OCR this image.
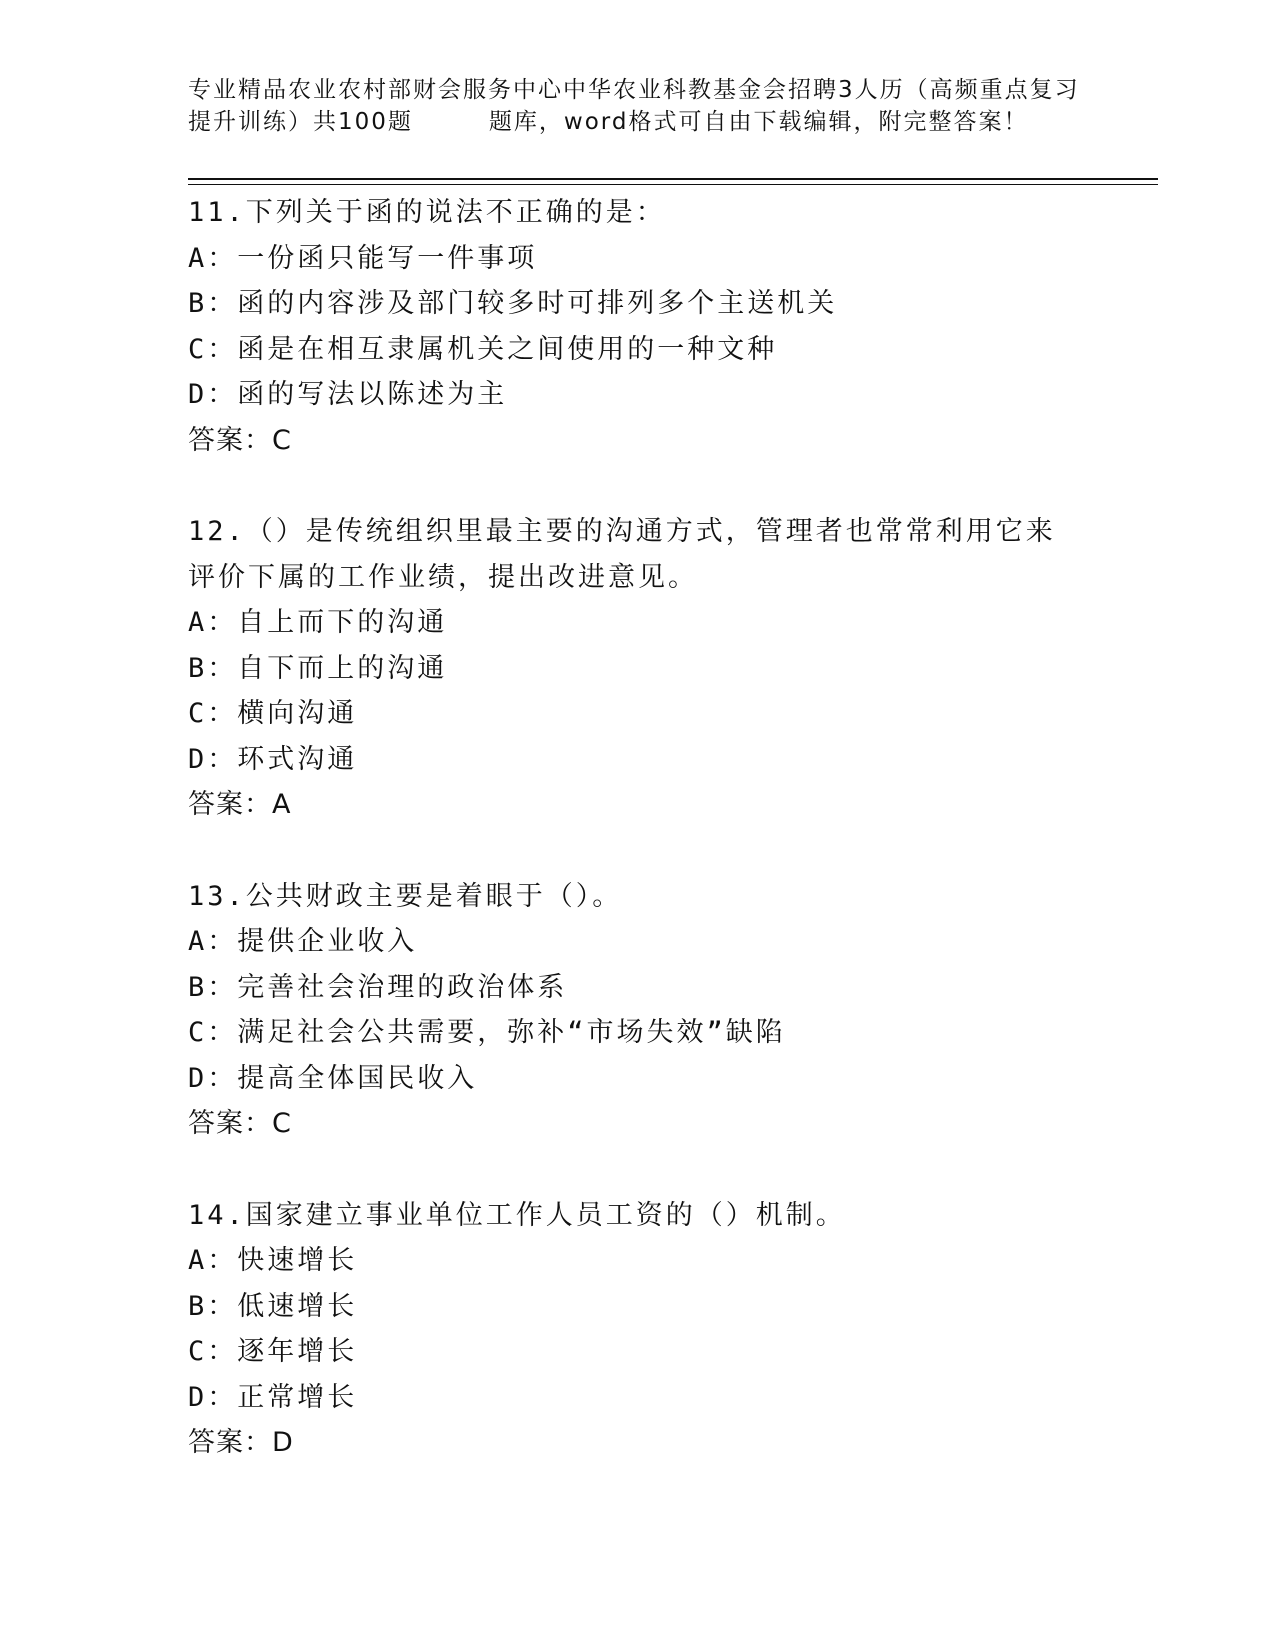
专业精品农业农村部财会服务中心中华农业科教基金会招聘3人历（高频重点复习提升训练）共100题	题库，word格式可自由下载编辑，附完整答案！
11.下列关于函的说法不正确的是：
A：一份函只能写一件事项
B：函的内容涉及部门较多时可排列多个主送机关
C：函是在相互隶属机关之间使用的一种文种
D：函的写法以陈述为主
答案：C
12.（）是传统组织里最主要的沟通方式，管理者也常常利用它来评价下属的工作业绩，提出改进意见。
A：自上而下的沟通
B：自下而上的沟通
C：横向沟通
D：环式沟通
答案：A
13.公共财政主要是着眼于（）。
A：提供企业收入
B：完善社会治理的政治体系
C：满足社会公共需要，弥补“市场失效”缺陷
D：提高全体国民收入
答案：C
14.国家建立事业单位工作人员工资的（）机制。
A：快速增长
B：低速增长
C：逐年增长
D：正常增长
答案：D
